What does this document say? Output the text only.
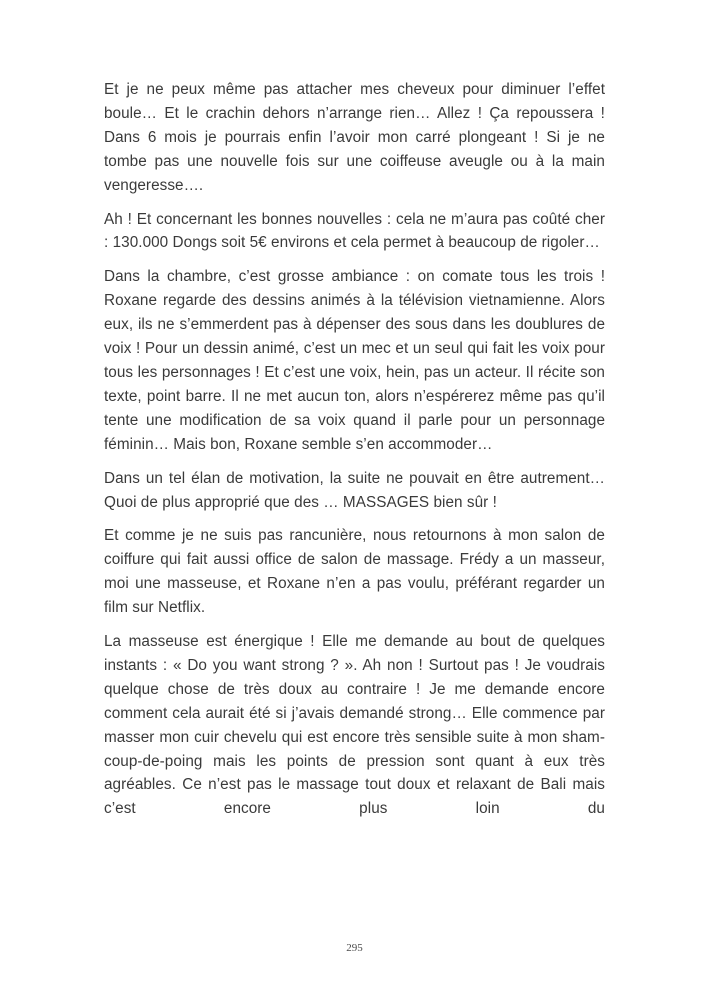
Et je ne peux même pas attacher mes cheveux pour diminuer l’effet boule… Et le crachin dehors n’arrange rien… Allez ! Ça repoussera ! Dans 6 mois je pourrais enfin l’avoir mon carré plongeant ! Si je ne tombe pas une nouvelle fois sur une coiffeuse aveugle ou à la main vengeresse….

Ah ! Et concernant les bonnes nouvelles : cela ne m’aura pas coûté cher : 130.000 Dongs soit 5€ environs et cela permet à beaucoup de rigoler…

Dans la chambre, c’est grosse ambiance : on comate tous les trois ! Roxane regarde des dessins animés à la télévision vietnamienne. Alors eux, ils ne s’emmerdent pas à dépenser des sous dans les doublures de voix ! Pour un dessin animé, c’est un mec et un seul qui fait les voix pour tous les personnages ! Et c’est une voix, hein, pas un acteur. Il récite son texte, point barre. Il ne met aucun ton, alors n’espérerez même pas qu’il tente une modification de sa voix quand il parle pour un personnage féminin… Mais bon, Roxane semble s’en accommoder…

Dans un tel élan de motivation, la suite ne pouvait en être autrement… Quoi de plus approprié que des … MASSAGES bien sûr !

Et comme je ne suis pas rancunière, nous retournons à mon salon de coiffure qui fait aussi office de salon de massage. Frédy a un masseur, moi une masseuse, et Roxane n’en a pas voulu, préférant regarder un film sur Netflix.

La masseuse est énergique ! Elle me demande au bout de quelques instants : « Do you want strong ? ». Ah non ! Surtout pas ! Je voudrais quelque chose de très doux au contraire ! Je me demande encore comment cela aurait été si j’avais demandé strong… Elle commence par masser mon cuir chevelu qui est encore très sensible suite à mon sham-coup-de-poing mais les points de pression sont quant à eux très agréables. Ce n’est pas le massage tout doux et relaxant de Bali mais c’est encore plus loin du

295
